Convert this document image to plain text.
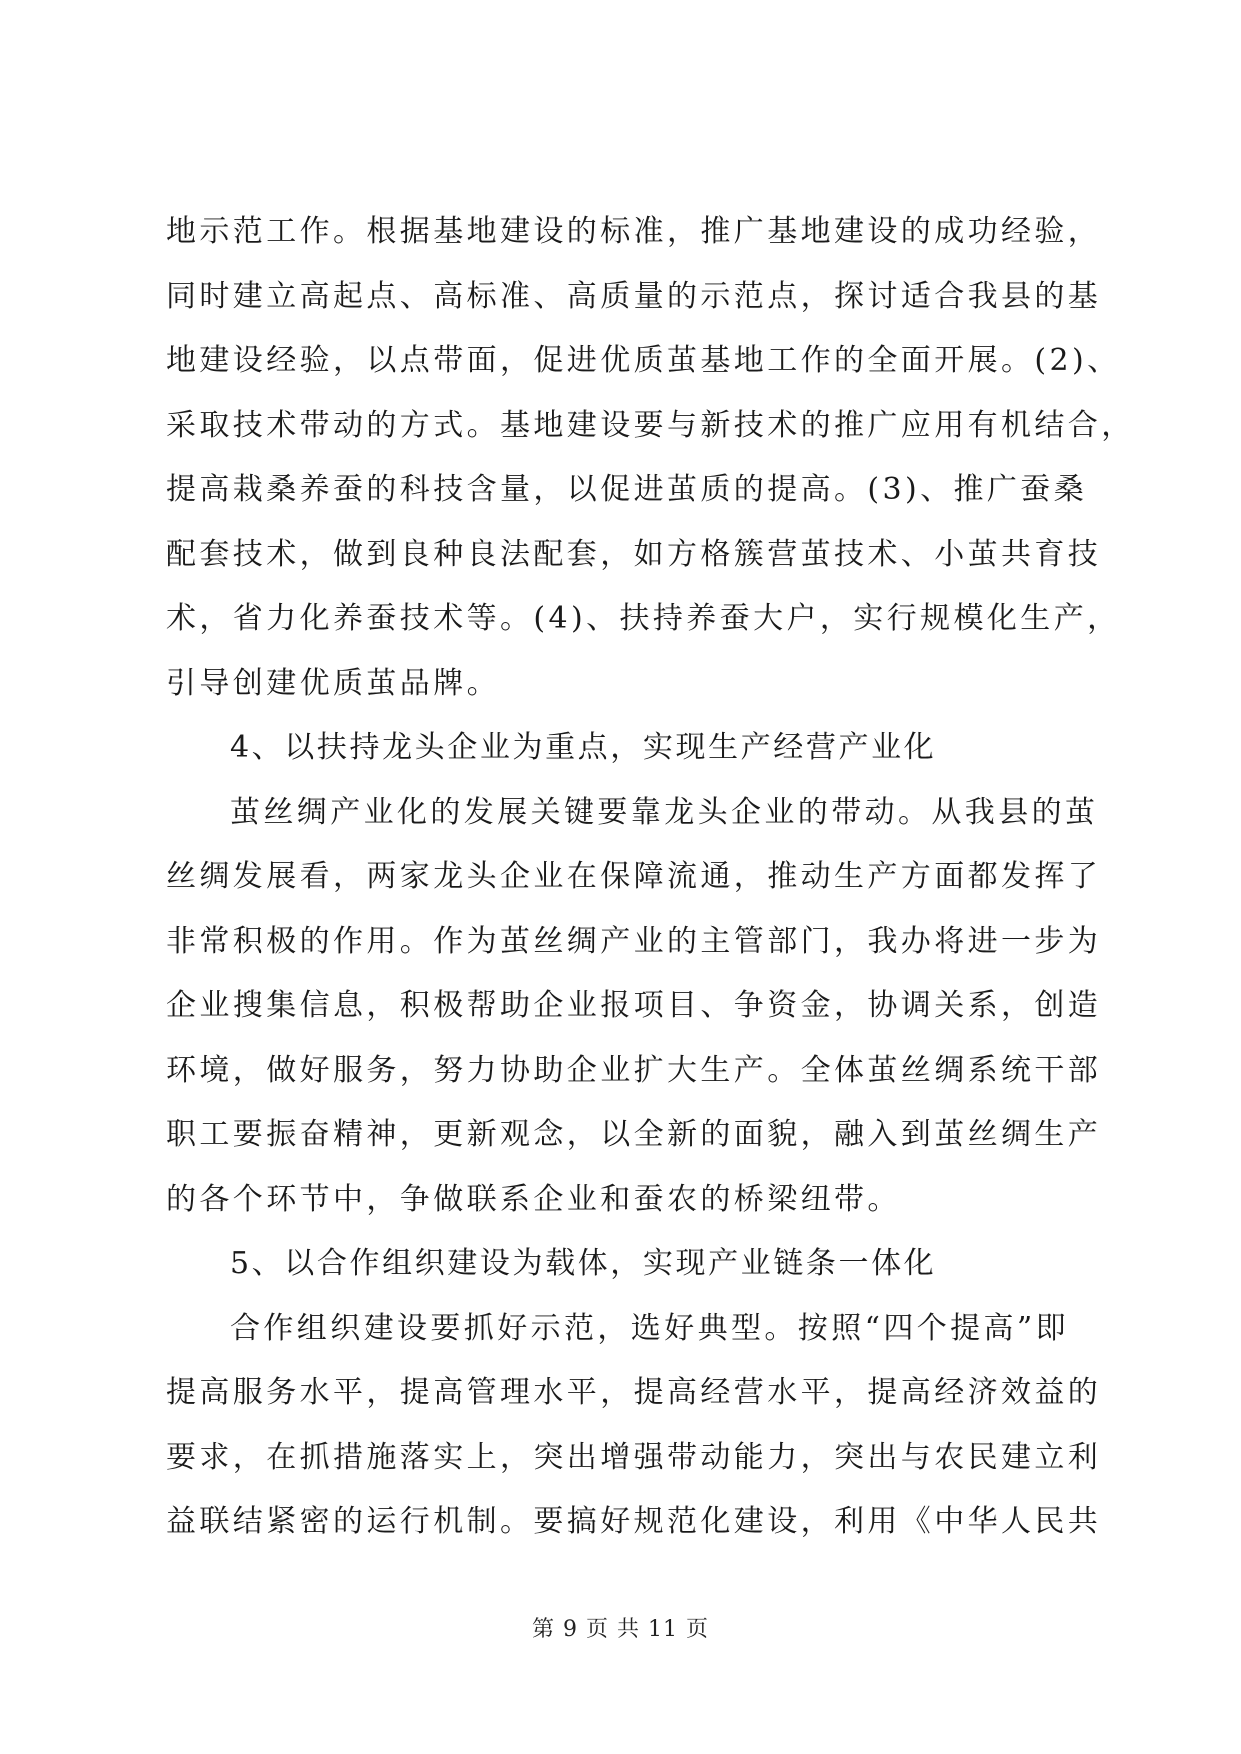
地示范工作。根据基地建设的标准，推广基地建设的成功经验，
同时建立高起点、高标准、高质量的示范点，探讨适合我县的基
地建设经验，以点带面，促进优质茧基地工作的全面开展。(2)、
采取技术带动的方式。基地建设要与新技术的推广应用有机结合，
提高栽桑养蚕的科技含量，以促进茧质的提高。(3)、推广蚕桑
配套技术，做到良种良法配套，如方格簇营茧技术、小茧共育技
术，省力化养蚕技术等。(4)、扶持养蚕大户，实行规模化生产，
引导创建优质茧品牌。
4、以扶持龙头企业为重点，实现生产经营产业化
茧丝绸产业化的发展关键要靠龙头企业的带动。从我县的茧
丝绸发展看，两家龙头企业在保障流通，推动生产方面都发挥了
非常积极的作用。作为茧丝绸产业的主管部门，我办将进一步为
企业搜集信息，积极帮助企业报项目、争资金，协调关系，创造
环境，做好服务，努力协助企业扩大生产。全体茧丝绸系统干部
职工要振奋精神，更新观念，以全新的面貌，融入到茧丝绸生产
的各个环节中，争做联系企业和蚕农的桥梁纽带。
5、以合作组织建设为载体，实现产业链条一体化
合作组织建设要抓好示范，选好典型。按照“四个提高”即
提高服务水平，提高管理水平，提高经营水平，提高经济效益的
要求，在抓措施落实上，突出增强带动能力，突出与农民建立利
益联结紧密的运行机制。要搞好规范化建设，利用《中华人民共
第 9 页 共 11 页
